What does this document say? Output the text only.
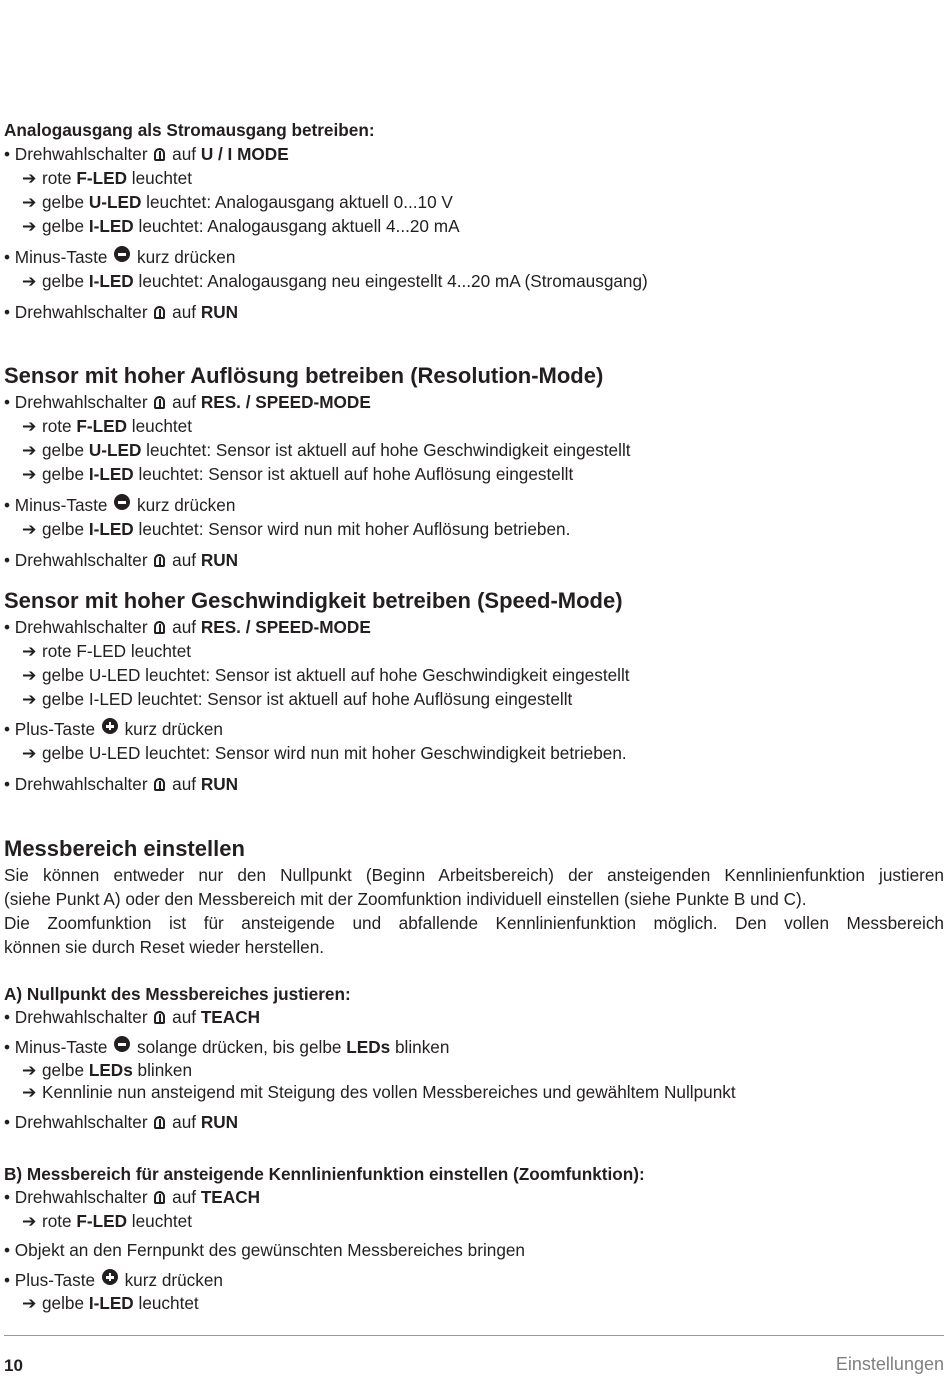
Analogausgang als Stromausgang betreiben:
• Drehwahlschalter  auf U / I MODE
➔ rote F-LED leuchtet
➔ gelbe U-LED leuchtet: Analogausgang aktuell 0...10 V
➔ gelbe I-LED leuchtet: Analogausgang aktuell 4...20 mA
• Minus-Taste  kurz drücken
➔ gelbe I-LED leuchtet: Analogausgang neu eingestellt 4...20 mA (Stromausgang)
• Drehwahlschalter  auf RUN
Sensor mit hoher Auflösung betreiben (Resolution-Mode)
• Drehwahlschalter  auf RES. / SPEED-MODE
➔ rote F-LED leuchtet
➔ gelbe U-LED leuchtet: Sensor ist aktuell auf hohe Geschwindigkeit eingestellt
➔ gelbe I-LED leuchtet: Sensor ist aktuell auf hohe Auflösung eingestellt
• Minus-Taste  kurz drücken
➔ gelbe I-LED leuchtet: Sensor wird nun mit hoher Auflösung betrieben.
• Drehwahlschalter  auf RUN
Sensor mit hoher Geschwindigkeit betreiben (Speed-Mode)
• Drehwahlschalter  auf RES. / SPEED-MODE
➔ rote F-LED leuchtet
➔ gelbe U-LED leuchtet: Sensor ist aktuell auf hohe Geschwindigkeit eingestellt
➔ gelbe I-LED leuchtet: Sensor ist aktuell auf hohe Auflösung eingestellt
• Plus-Taste  kurz drücken
➔ gelbe U-LED leuchtet: Sensor wird nun mit hoher Geschwindigkeit betrieben.
• Drehwahlschalter  auf RUN
Messbereich einstellen
Sie können entweder nur den Nullpunkt (Beginn Arbeitsbereich) der ansteigenden Kennlinienfunktion justieren
(siehe Punkt A) oder den Messbereich mit der Zoomfunktion individuell einstellen (siehe Punkte B und C).
Die Zoomfunktion ist für ansteigende und abfallende Kennlinienfunktion möglich. Den vollen Messbereich
können sie durch Reset wieder herstellen.
A) Nullpunkt des Messbereiches justieren:
• Drehwahlschalter  auf TEACH
• Minus-Taste  solange drücken, bis gelbe LEDs blinken
➔ gelbe LEDs blinken
➔ Kennlinie nun ansteigend mit Steigung des vollen Messbereiches und gewähltem Nullpunkt
• Drehwahlschalter  auf RUN
B) Messbereich für ansteigende Kennlinienfunktion einstellen (Zoomfunktion):
• Drehwahlschalter  auf TEACH
➔ rote F-LED leuchtet
• Objekt an den Fernpunkt des gewünschten Messbereiches bringen
• Plus-Taste  kurz drücken
➔ gelbe I-LED leuchtet
10	Einstellungen
